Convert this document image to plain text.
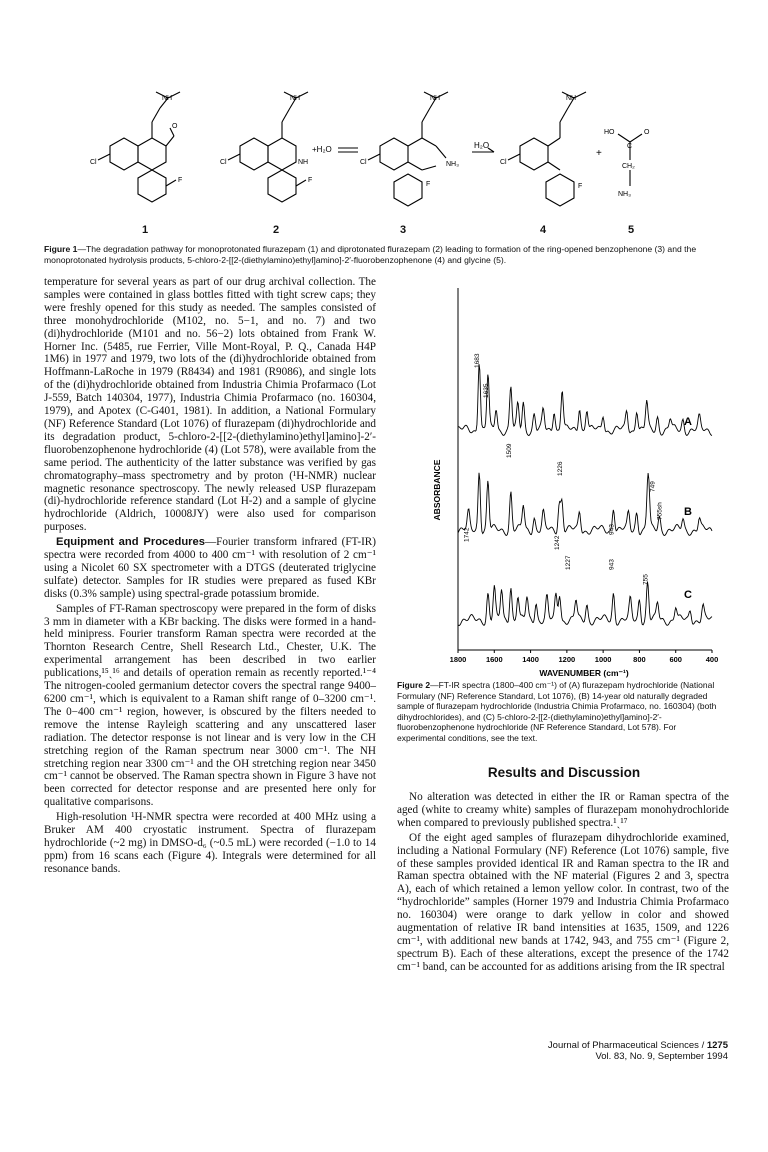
Cl
F
O
NH
Cl
F
NH
NH
+H₂O
Cl
F
NH
NH₃
H₂O
Cl
F
NH
+
HO	O
C
CH₂
NH₃
1	2	3	4	5
Figure 1—The degradation pathway for monoprotonated flurazepam (1) and diprotonated flurazepam (2) leading to formation of the ring-opened benzophenone (3) and the monoprotonated hydrolysis products, 5-chloro-2-[[2-(diethylamino)ethyl]amino]-2′-fluorobenzophenone (4) and glycine (5).

temperature for several years as part of our drug archival collection. The samples were contained in glass bottles fitted with tight screw caps; they were freshly opened for this study as needed. The samples consisted of three monohydrochloride (M102, no. 5−1, and no. 7) and two (di)hydrochloride (M101 and no. 56−2) lots obtained from Frank W. Horner Inc. (5485, rue Ferrier, Ville Mont-Royal, P. Q., Canada H4P 1M6) in 1977 and 1979, two lots of the (di)hydrochloride obtained from Hoffmann-LaRoche in 1979 (R8434) and 1981 (R9086), and single lots of the (di)hydrochloride obtained from Industria Chimia Profarmaco (Lot J-559, Batch 140304, 1977), Industria Chimia Profarmaco (no. 160304, 1979), and Apotex (C-G401, 1981). In addition, a National Formulary (NF) Reference Standard (Lot 1076) of flurazepam (di)hydrochloride and its degradation product, 5-chloro-2-[[2-(diethylamino)ethyl]amino]-2′-fluorobenzophenone hydrochloride (4) (Lot 578), were available from the same period. The authenticity of the latter substance was verified by gas chromatography–mass spectrometry and by proton (¹H-NMR) nuclear magnetic resonance spectroscopy. The newly released USP flurazepam (di)-hydrochloride reference standard (Lot H-2) and a sample of glycine hydrochloride (Aldrich, 10008JY) were also used for comparison purposes.

Equipment and Procedures—Fourier transform infrared (FT-IR) spectra were recorded from 4000 to 400 cm⁻¹ with resolution of 2 cm⁻¹ using a Nicolet 60 SX spectrometer with a DTGS (deuterated triglycine sulfate) detector. Samples for IR studies were prepared as fused KBr disks (0.3% sample) using spectral-grade potassium bromide.

Samples of FT-Raman spectroscopy were prepared in the form of disks 3 mm in diameter with a KBr backing. The disks were formed in a hand-held minipress. Fourier transform Raman spectra were recorded at the Thornton Research Centre, Shell Research Ltd., Chester, U.K. The experimental arrangement has been described in two earlier publications,¹⁵ˎ¹⁶ and details of operation remain as recently reported.¹⁻⁴ The nitrogen-cooled germanium detector covers the spectral range 9400–6200 cm⁻¹, which is equivalent to a Raman shift range of 0–3200 cm⁻¹. The 0−400 cm⁻¹ region, however, is obscured by the filters needed to remove the intense Rayleigh scattering and any unscattered laser radiation. The detector response is not linear and is very low in the CH stretching region of the Raman spectrum near 3000 cm⁻¹. The NH stretching region near 3300 cm⁻¹ and the OH stretching region near 3450 cm⁻¹ cannot be observed. The Raman spectra shown in Figure 3 have not been corrected for detector response and are presented here only for qualitative comparisons.

High-resolution ¹H-NMR spectra were recorded at 400 MHz using a Bruker AM 400 cryostatic instrument. Spectra of flurazepam hydrochloride (~2 mg) in DMSO-d₆ (~0.5 mL) were recorded (−1.0 to 14 ppm) from 16 scans each (Figure 4). Integrals were determined for all resonance bands.

1800	1600	1400	1200	1000	800	600	400
1683
1635
1509
1226
1742
749
755sh
943
1242
1227	943
755
A
B
C
ABSORBANCE
WAVENUMBER (cm⁻¹)
Figure 2—FT-IR spectra (1800–400 cm⁻¹) of (A) flurazepam hydrochloride (National Formulary (NF) Reference Standard, Lot 1076), (B) 14-year old naturally degraded sample of flurazepam hydrochloride (Industria Chimia Profarmaco, no. 160304) (both dihydrochlorides), and (C) 5-chloro-2-[[2-(diethylamino)ethyl]amino]-2′-fluorobenzophenone hydrochloride (NF Reference Standard, Lot 578). For experimental conditions, see the text.
Results and Discussion

No alteration was detected in either the IR or Raman spectra of the aged (white to creamy white) samples of flurazepam monohydrochloride when compared to previously published spectra.¹ˎ¹⁷

Of the eight aged samples of flurazepam dihydrochloride examined, including a National Formulary (NF) Reference (Lot 1076) sample, five of these samples provided identical IR and Raman spectra to the IR and Raman spectra obtained with the NF material (Figures 2 and 3, spectra A), each of which retained a lemon yellow color. In contrast, two of the “hydrochloride” samples (Horner 1979 and Industria Chimia Profarmaco no. 160304) were orange to dark yellow in color and showed augmentation of relative IR band intensities at 1635, 1509, and 1226 cm⁻¹, with additional new bands at 1742, 943, and 755 cm⁻¹ (Figure 2, spectrum B). Each of these alterations, except the presence of the 1742 cm⁻¹ band, can be accounted for as additions arising from the IR spectral

Journal of Pharmaceutical Sciences / 1275
Vol. 83, No. 9, September 1994
